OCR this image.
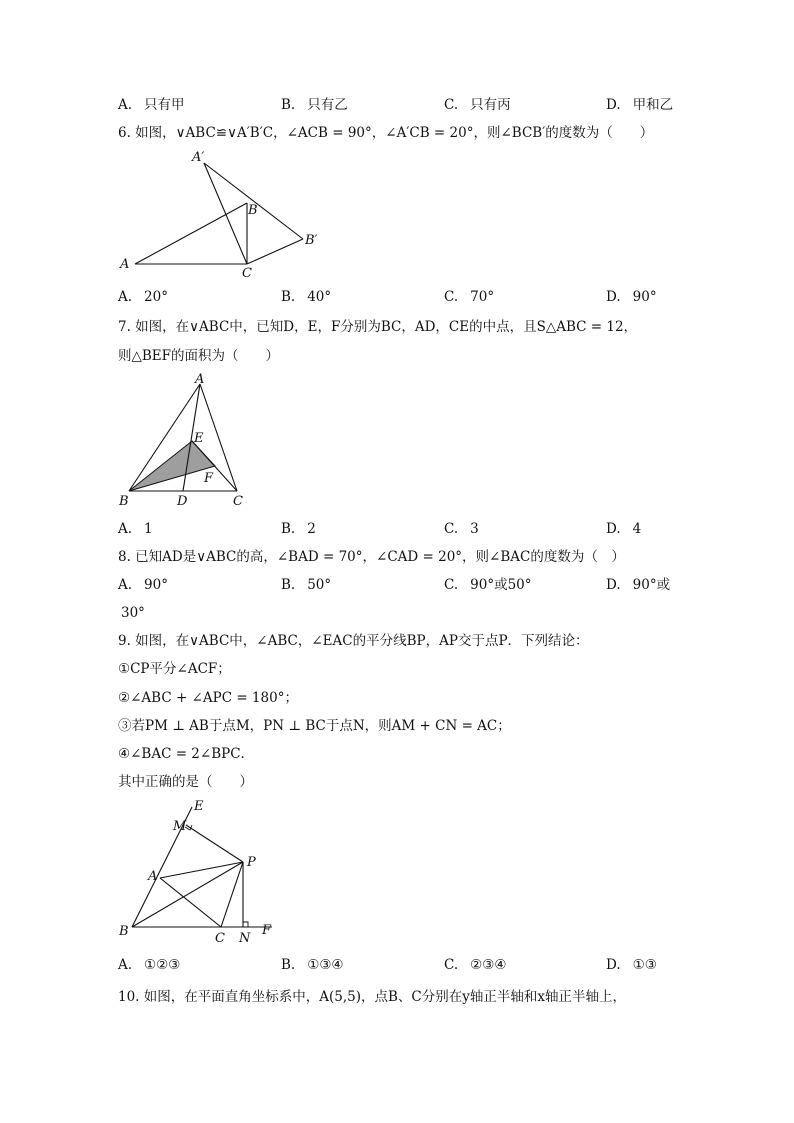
A. 只有甲	B. 只有乙	C. 只有丙	D. 甲和乙
6. 如图，∨ABC≌∨A′B′C，∠ACB = 90°，∠A′CB = 20°，则∠BCB′的度数为（　　）
A
B
C
A′
B′
A. 20°	B. 40°	C. 70°	D. 90°
7. 如图，在∨ABC中，已知D，E，F分别为BC，AD，CE的中点，且S△ABC = 12，
则△BEF的面积为（　　）
A
B	D	C
E
F
A. 1	B. 2	C. 3	D. 4
8. 已知AD是∨ABC的高，∠BAD = 70°，∠CAD = 20°，则∠BAC的度数为（　）
A. 90°	B. 50°	C. 90°或50°	D. 90°或
30°
9. 如图，在∨ABC中，∠ABC，∠EAC的平分线BP，AP交于点P．下列结论：
①CP平分∠ACF；
②∠ABC + ∠APC = 180°；
③若PM ⊥ AB于点M，PN ⊥ BC于点N，则AM + CN = AC；
④∠BAC = 2∠BPC．
其中正确的是（　　）
E
M
P
A
B	C N
F
A. ①②③	B. ①③④	C. ②③④	D. ①③
10. 如图，在平面直角坐标系中，A(5,5)，点B、C分别在y轴正半轴和x轴正半轴上，
